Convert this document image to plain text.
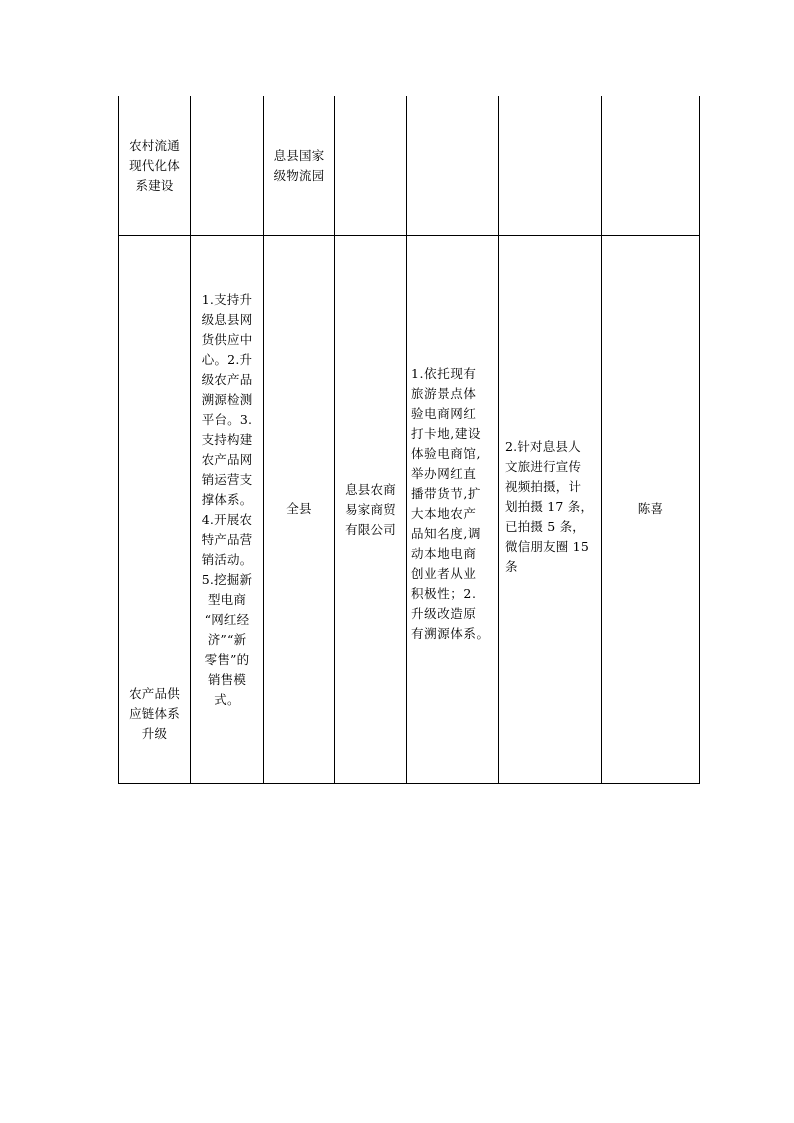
农村流通
现代化体
系建设
息县国家
级物流园
农产品供
应链体系
升级
1.支持升
级息县网
货供应中
心。2.升
级农产品
溯源检测
平台。3.
支持构建
农产品网
销运营支
撑体系。
4.开展农
特产品营
销活动。
5.挖掘新
型电商
“网红经
济”“新
零售”的
销售模
式。
全县
息县农商
易家商贸
有限公司
1.依托现有
旅游景点体
验电商网红
打卡地,建设
体验电商馆,
举办网红直
播带货节,扩
大本地农产
品知名度,调
动本地电商
创业者从业
积极性；2.
升级改造原
有溯源体系。
2.针对息县人
文旅进行宣传
视频拍摄，计
划拍摄 17 条，
已拍摄 5 条，
微信朋友圈 15
条
陈喜
